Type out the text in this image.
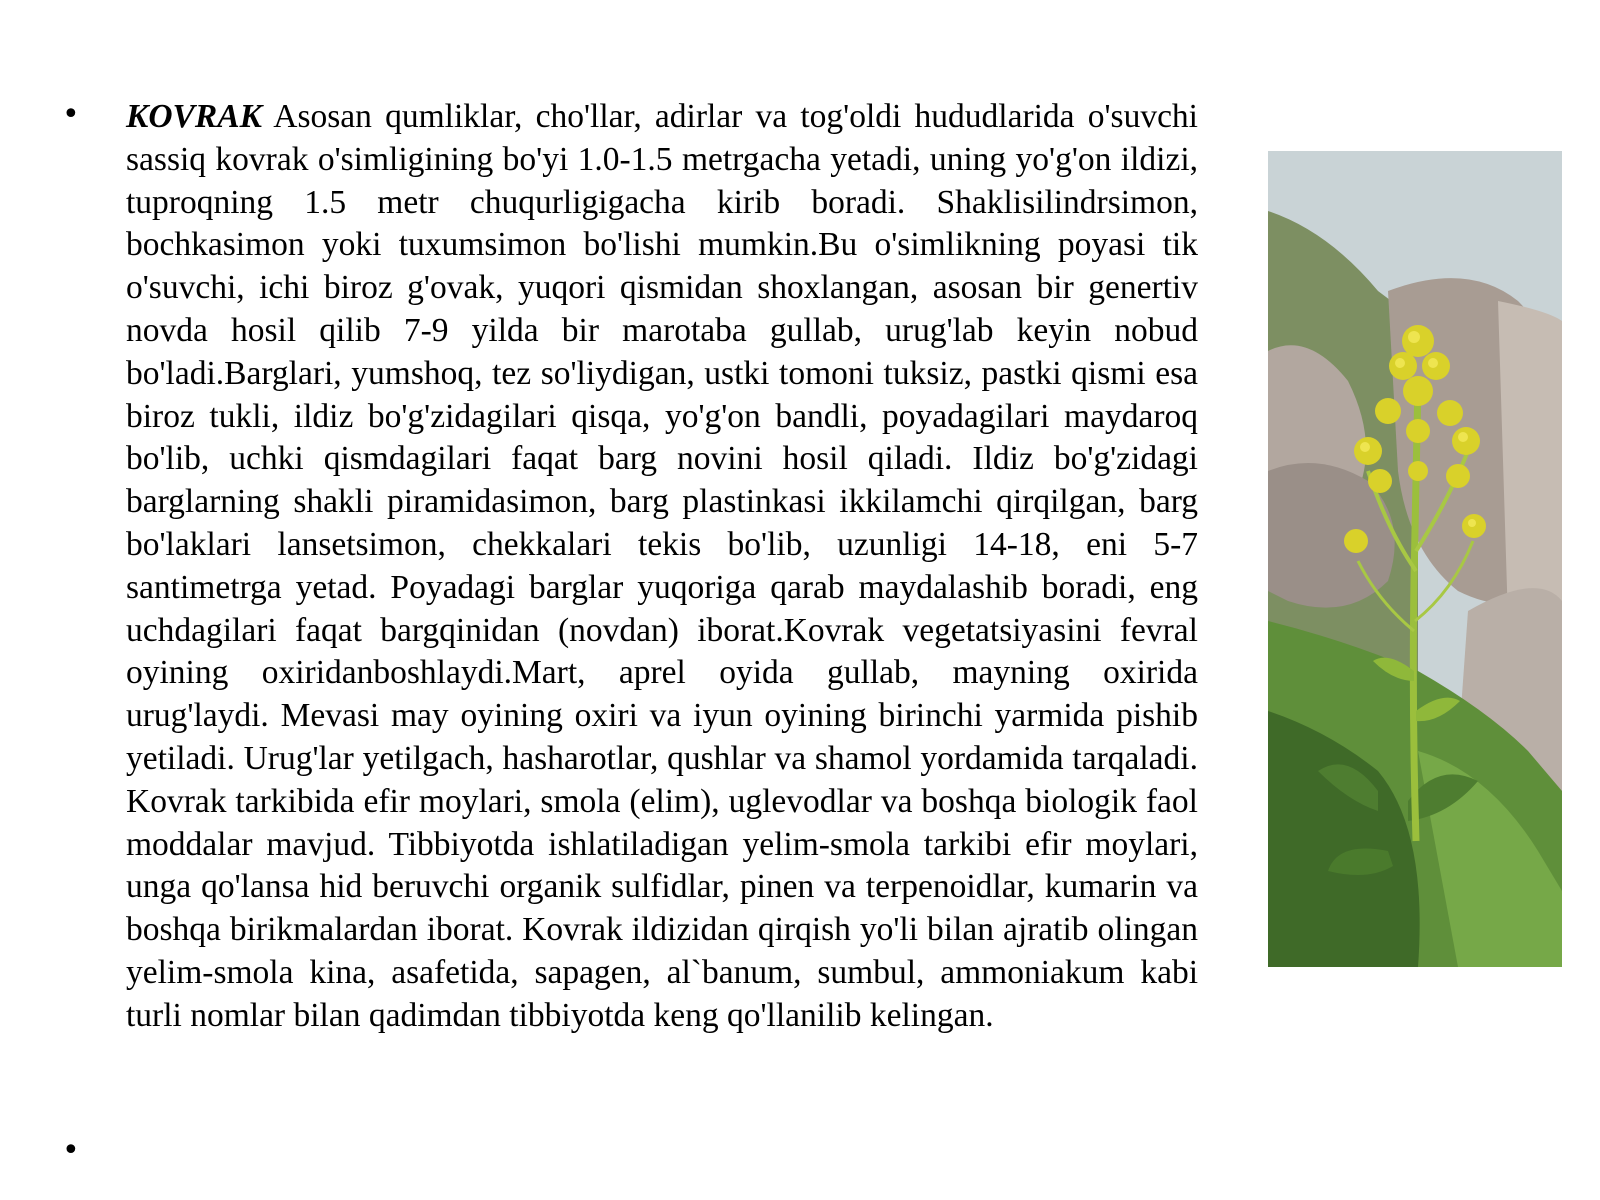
• KOVRAK Asosan qumliklar, cho'llar, adirlar va tog'oldi hududlarida o'suvchi sassiq kovrak o'simligining bo'yi 1.0-1.5 metrgacha yetadi, uning yo'g'on ildizi, tuproqning 1.5 metr chuqurligigacha kirib boradi. Shaklisilindrsimon, bochkasimon yoki tuxumsimon bo'lishi mumkin.Bu o'simlikning poyasi tik o'suvchi, ichi biroz g'ovak, yuqori qismidan shoxlangan, asosan bir genertiv novda hosil qilib 7-9 yilda bir marotaba gullab, urug'lab keyin nobud bo'ladi.Barglari, yumshoq, tez so'liydigan, ustki tomoni tuksiz, pastki qismi esa biroz tukli, ildiz bo'g'zidagilari qisqa, yo'g'on bandli, poyadagilari maydaroq bo'lib, uchki qismdagilari faqat barg novini hosil qiladi. Ildiz bo'g'zidagi barglarning shakli piramidasimon, barg plastinkasi ikkilamchi qirqilgan, barg bo'laklari lansetsimon, chekkalari tekis bo'lib, uzunligi 14-18, eni 5-7 santimetrga yetad. Poyadagi barglar yuqoriga qarab maydalashib boradi, eng uchdagilari faqat bargqinidan (novdan) iborat.Kovrak vegetatsiyasini fevral oyining oxiridanboshlaydi.Mart, aprel oyida gullab, mayning oxirida urug'laydi. Mevasi may oyining oxiri va iyun oyining birinchi yarmida pishib yetiladi. Urug'lar yetilgach, hasharotlar, qushlar va shamol yordamida tarqaladi. Kovrak tarkibida efir moylari, smola (elim), uglevodlar va boshqa biologik faol moddalar mavjud. Tibbiyotda ishlatiladigan yelim-smola tarkibi efir moylari, unga qo'lansa hid beruvchi organik sulfidlar, pinen va terpenoidlar, kumarin va boshqa birikmalardan iborat. Kovrak ildizidan qirqish yo'li bilan ajratib olingan yelim-smola kina, asafetida, sapagen, al`banum, sumbul, ammoniakum kabi turli nomlar bilan qadimdan tibbiyotda keng qo'llanilib kelingan.

•
